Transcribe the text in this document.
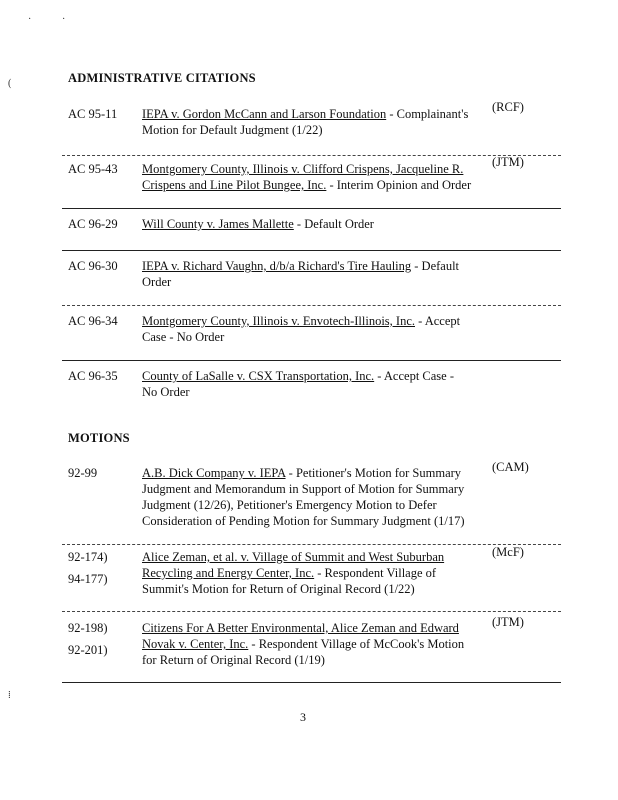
·	·
(
⁞
ADMINISTRATIVE CITATIONS
AC 95-11 IEPA v. Gordon McCann and Larson Foundation - Complainant's Motion for Default Judgment (1/22)
(RCF)
AC 95-43 Montgomery County, Illinois v. Clifford Crispens, Jacqueline R. Crispens and Line Pilot Bungee, Inc. - Interim Opinion and Order
(JTM)
AC 96-29 Will County v. James Mallette - Default Order
AC 96-30 IEPA v. Richard Vaughn, d/b/a Richard's Tire Hauling - Default Order
AC 96-34 Montgomery County, Illinois v. Envotech-Illinois, Inc. - Accept Case - No Order
AC 96-35 County of LaSalle v. CSX Transportation, Inc. - Accept Case - No Order
MOTIONS
92-99	A.B. Dick Company v. IEPA - Petitioner's Motion for Summary Judgment and Memorandum in Support of Motion for Summary Judgment (12/26), Petitioner's Emergency Motion to Defer Consideration of Pending Motion for Summary Judgment (1/17)
(CAM)
92-174)
94-177)
Alice Zeman, et al. v. Village of Summit and West Suburban Recycling and Energy Center, Inc. - Respondent Village of Summit's Motion for Return of Original Record (1/22)
(McF)
92-198)
92-201)
Citizens For A Better Environmental, Alice Zeman and Edward Novak v. Center, Inc. - Respondent Village of McCook's Motion for Return of Original Record (1/19)
(JTM)
3
